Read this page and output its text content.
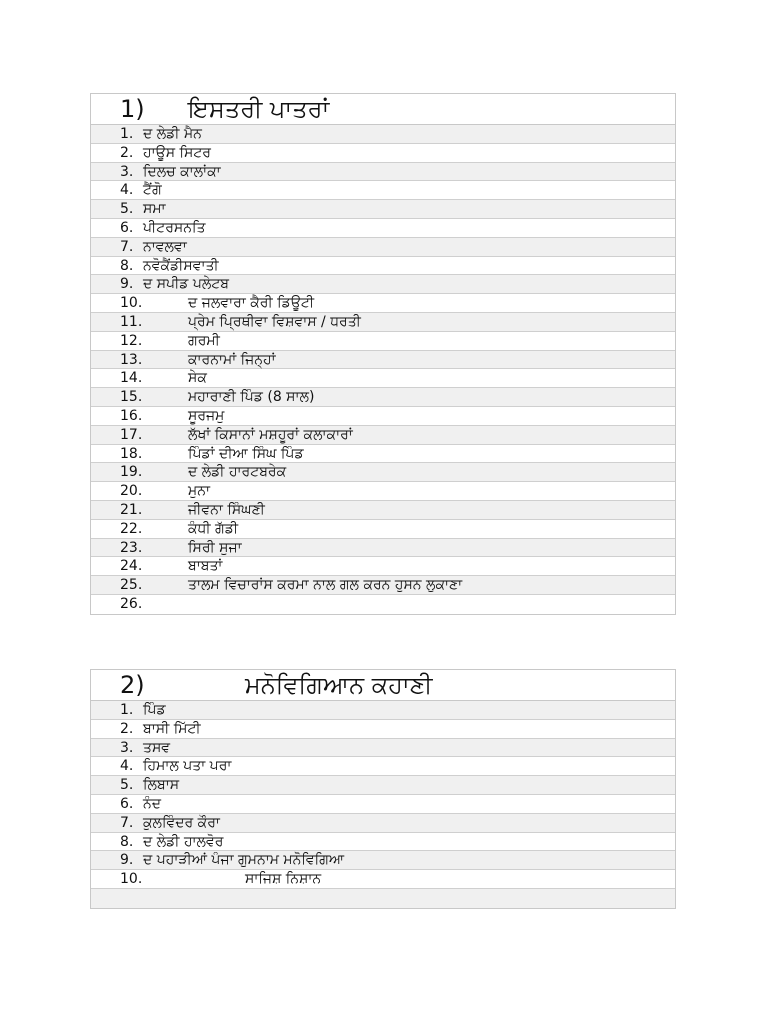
1) ਇਸਤਰੀ ਪਾਤਰਾਂ
1. ਦ ਲੇਡੀ ਮੈਨ
2. ਹਾਊਸ ਸਿਟਰ
3. ਦਿਲਚ ਕਾਲਾਂਕਾ
4. ਟੈਂਗੋ
5. ਸਮਾ
6. ਪੀਟਰਸਨਤਿ
7. ਨਾਵਲਵਾ
8. ਨਵੋਕੈਂਡੀਸਵਾਤੀ
9. ਦ ਸਪੀਡ ਪਲੇਟਬ
10.	ਦ ਜਲਵਾਰਾ ਕੈਰੀ ਡਿਊਟੀ
11.	ਪ੍ਰੇਮ ਪ੍ਰਿਥੀਵਾ ਵਿਸ਼ਵਾਸ / ਧਰਤੀ
12.	ਗਰਮੀ
13.	ਕਾਰਨਾਮਾਂ ਜਿਨ੍ਹਾਂ
14.	ਸੇਕ
15.	ਮਹਾਰਾਣੀ ਪਿੰਡ (8 ਸਾਲ)
16.	ਸੂਰਜਮੁ
17.	ਲੱਖਾਂ ਕਿਸਾਨਾਂ ਮਸ਼ਹੂਰਾਂ ਕਲਾਕਾਰਾਂ
18.	ਪਿੰਡਾਂ ਦੀਆ ਸਿੰਘ ਪਿੰਡ
19.	ਦ ਲੇਡੀ ਹਾਰਟਬਰੇਕ
20.	ਮੁਨਾ
21.	ਜੀਵਨਾ ਸਿੰਘਣੀ
22.	ਕੰਧੀ ਗੱਡੀ
23.	ਸਿਰੀ ਸੁਜਾ
24.	ਬਾਬਤਾਂ
25.	ਤਾਲਮ ਵਿਚਾਰਾਂਸ ਕਰਮਾ ਨਾਲ ਗਲ ਕਰਨ ਹੁਸਨ ਲੁਕਾਣਾ
26.
2)	ਮਨੋਵਿਗਿਆਨ ਕਹਾਣੀ
1. ਪਿੰਡ
2. ਬਾਸੀ ਮਿੱਟੀ
3. ਤਸਵ
4. ਹਿਮਾਲ ਪਤਾ ਪਰਾ
5. ਲਿਬਾਸ
6. ਨੰਦ
7. ਕੁਲਵਿੰਦਰ ਕੌਰਾ
8. ਦ ਲੇਡੀ ਹਾਲਵੋਰ
9. ਦ ਪਹਾੜੀਆਂ ਪੰਜਾ ਗੁਮਨਾਮ ਮਨੋਵਿਗਿਆ
10.	ਸਾਜਿਸ਼ ਨਿਸ਼ਾਨ
